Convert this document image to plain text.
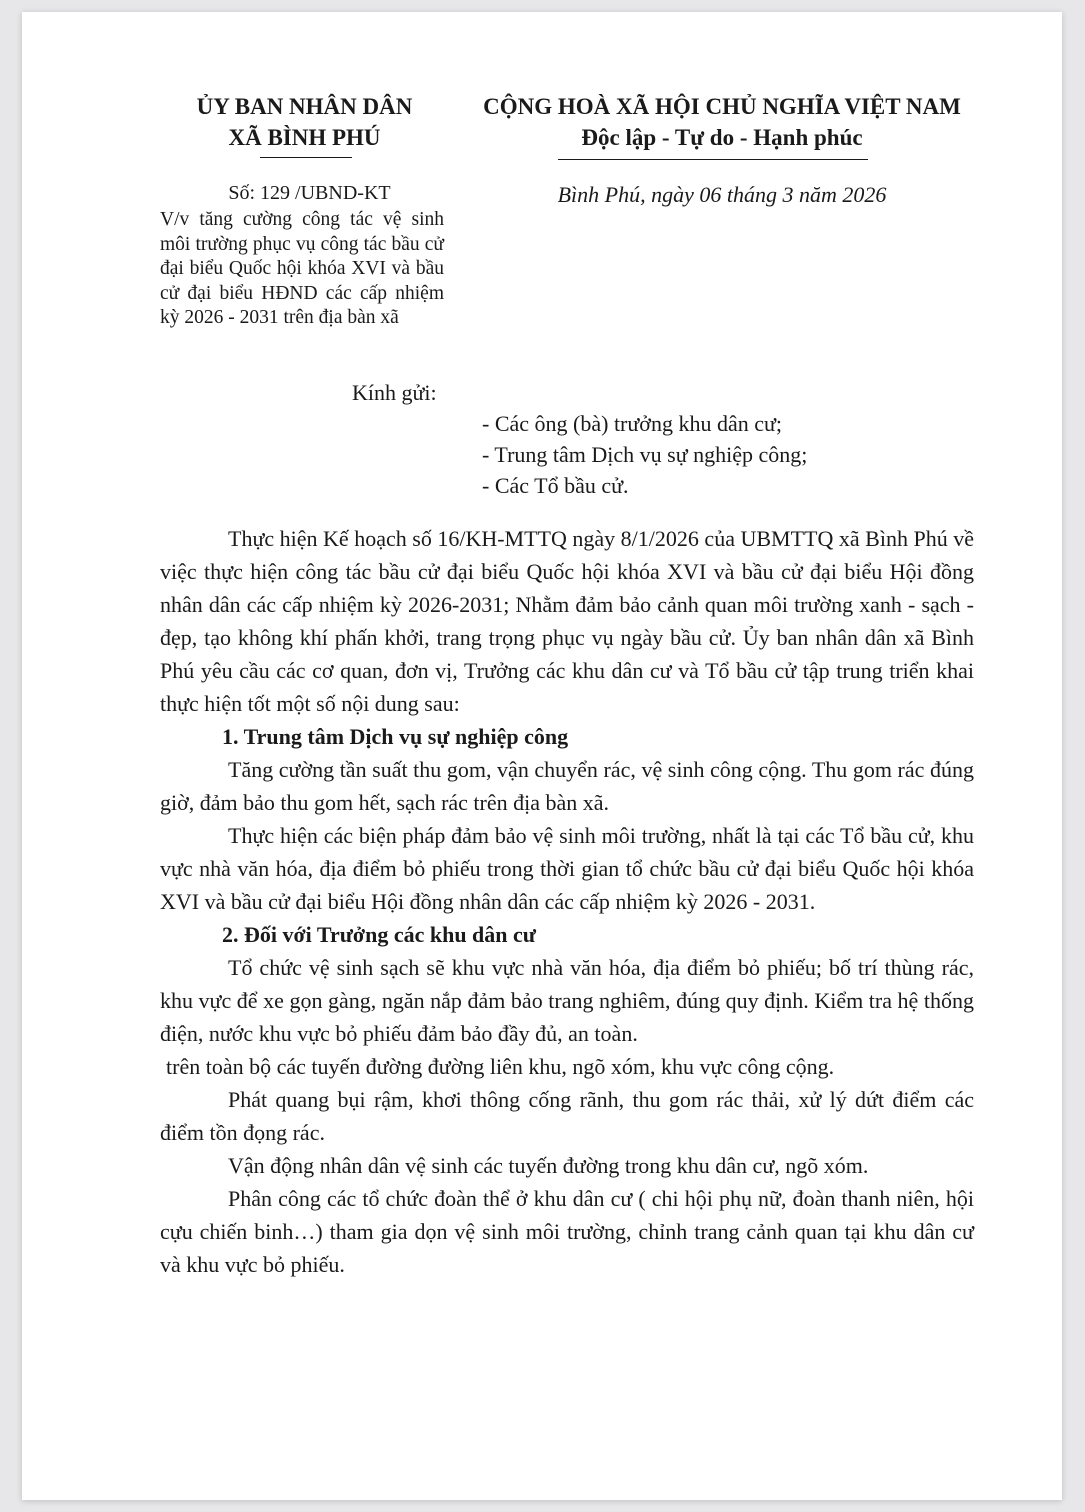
ỦY BAN NHÂN DÂN
XÃ BÌNH PHÚ
CỘNG HOÀ XÃ HỘI CHỦ NGHĨA VIỆT NAM
Độc lập - Tự do - Hạnh phúc
Số: 129 /UBND-KT
V/v tăng cường công tác vệ sinh môi trường phục vụ công tác bầu cử đại biểu Quốc hội khóa XVI và bầu cử đại biểu HĐND các cấp nhiệm kỳ 2026 - 2031 trên địa bàn xã
Bình Phú, ngày 06 tháng 3 năm 2026
Kính gửi:
- Các ông (bà) trưởng khu dân cư;
- Trung tâm Dịch vụ sự nghiệp công;
- Các Tổ bầu cử.

Thực hiện Kế hoạch số 16/KH-MTTQ ngày 8/1/2026 của UBMTTQ xã Bình Phú về việc thực hiện công tác bầu cử đại biểu Quốc hội khóa XVI và bầu cử đại biểu Hội đồng nhân dân các cấp nhiệm kỳ 2026-2031; Nhằm đảm bảo cảnh quan môi trường xanh - sạch - đẹp, tạo không khí phấn khởi, trang trọng phục vụ ngày bầu cử. Ủy ban nhân dân xã Bình Phú yêu cầu các cơ quan, đơn vị, Trưởng các khu dân cư và Tổ bầu cử tập trung triển khai thực hiện tốt một số nội dung sau:

1. Trung tâm Dịch vụ sự nghiệp công

Tăng cường tần suất thu gom, vận chuyển rác, vệ sinh công cộng. Thu gom rác đúng giờ, đảm bảo thu gom hết, sạch rác trên địa bàn xã.

Thực hiện các biện pháp đảm bảo vệ sinh môi trường, nhất là tại các Tổ bầu cử, khu vực nhà văn hóa, địa điểm bỏ phiếu trong thời gian tổ chức bầu cử đại biểu Quốc hội khóa XVI và bầu cử đại biểu Hội đồng nhân dân các cấp nhiệm kỳ 2026 - 2031.

2. Đối với Trưởng các khu dân cư

Tổ chức vệ sinh sạch sẽ khu vực nhà văn hóa, địa điểm bỏ phiếu; bố trí thùng rác, khu vực để xe gọn gàng, ngăn nắp đảm bảo trang nghiêm, đúng quy định. Kiểm tra hệ thống điện, nước khu vực bỏ phiếu đảm bảo đầy đủ, an toàn.

trên toàn bộ các tuyến đường đường liên khu, ngõ xóm, khu vực công cộng.

Phát quang bụi rậm, khơi thông cống rãnh, thu gom rác thải, xử lý dứt điểm các điểm tồn đọng rác.

Vận động nhân dân vệ sinh các tuyến đường trong khu dân cư, ngõ xóm.

Phân công các tổ chức đoàn thể ở khu dân cư ( chi hội phụ nữ, đoàn thanh niên, hội cựu chiến binh…) tham gia dọn vệ sinh môi trường, chỉnh trang cảnh quan tại khu dân cư và khu vực bỏ phiếu.
